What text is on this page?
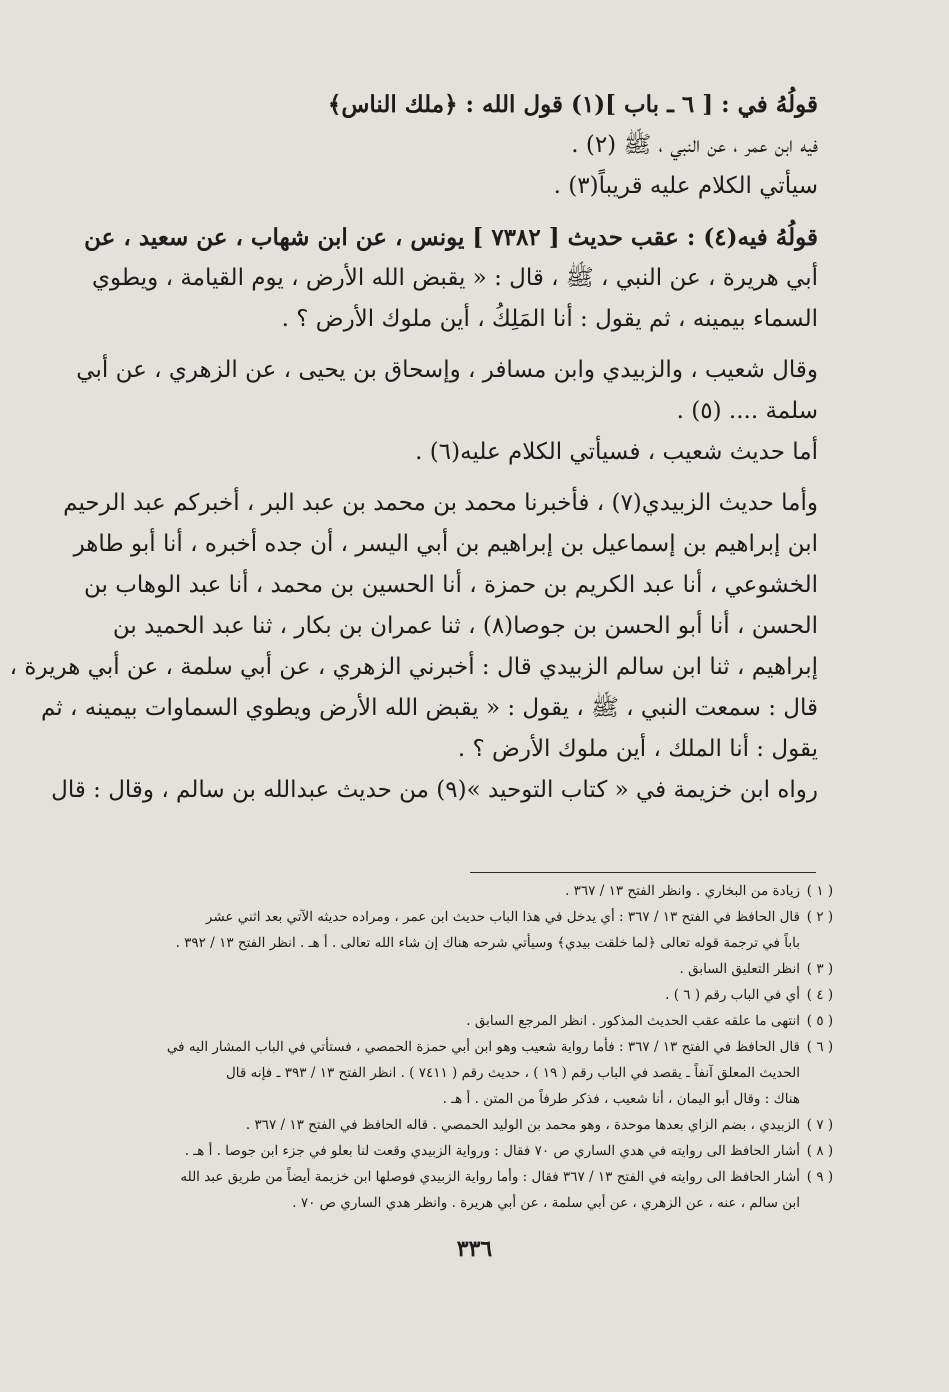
قولُهُ في : [ ٦ ـ باب ](١) قول الله : ﴿ملك الناس﴾
فيه ابن عمر ، عن النبي ، ﷺ (٢) .
سيأتي الكلام عليه قريباً(٣) .
قولُهُ فيه(٤) : عقب حديث [ ٧٣٨٢ ] يونس ، عن ابن شهاب ، عن سعيد ، عن
أبي هريرة ، عن النبي ، ﷺ ، قال : « يقبض الله الأرض ، يوم القيامة ، ويطوي
السماء بيمينه ، ثم يقول : أنا المَلِكُ ، أين ملوك الأرض ؟ .
وقال شعيب ، والزبيدي وابن مسافر ، وإسحاق بن يحيى ، عن الزهري ، عن أبي
سلمة .... (٥) .
أما حديث شعيب ، فسيأتي الكلام عليه(٦) .
وأما حديث الزبيدي(٧) ، فأخبرنا محمد بن محمد بن عبد البر ، أخبركم عبد الرحيم
ابن إبراهيم بن إسماعيل بن إبراهيم بن أبي اليسر ، أن جده أخبره ، أنا أبو طاهر
الخشوعي ، أنا عبد الكريم بن حمزة ، أنا الحسين بن محمد ، أنا عبد الوهاب بن
الحسن ، أنا أبو الحسن بن جوصا(٨) ، ثنا عمران بن بكار ، ثنا عبد الحميد بن
إبراهيم ، ثنا ابن سالم الزبيدي قال : أخبرني الزهري ، عن أبي سلمة ، عن أبي هريرة ،
قال : سمعت النبي ، ﷺ ، يقول : « يقبض الله الأرض ويطوي السماوات بيمينه ، ثم
يقول : أنا الملك ، أين ملوك الأرض ؟ .
رواه ابن خزيمة في « كتاب التوحيد »(٩) من حديث عبدالله بن سالم ، وقال : قال
( ١ )
زيادة من البخاري . وانظر الفتح ١٣ / ٣٦٧ .
( ٢ )
قال الحافظ في الفتح ١٣ / ٣٦٧ : أي يدخل في هذا الباب حديث ابن عمر ، ومراده حديثه الآتي بعد اثني عشر
باباً في ترجمة قوله تعالى ﴿لما خلقت بيدي﴾ وسيأتي شرحه هناك إن شاء الله تعالى . أ هـ . انظر الفتح ١٣ / ٣٩٢ .
( ٣ )
انظر التعليق السابق .
( ٤ )
أي في الباب رقم ( ٦ ) .
( ٥ )
انتهى ما علقه عقب الحديث المذكور . انظر المرجع السابق .
( ٦ )
قال الحافظ في الفتح ١٣ / ٣٦٧ : فأما رواية شعيب وهو ابن أبي حمزة الحمصي ، فستأتي في الباب المشار اليه في
الحديث المعلق آنفاً ـ يقصد في الباب رقم ( ١٩ ) ، حديث رقم ( ٧٤١١ ) . انظر الفتح ١٣ / ٣٩٣ ـ فإنه قال
هناك : وقال أبو اليمان ، أنا شعيب ، فذكر طرفاً من المتن . أ هـ .
( ٧ )
الزبيدي ، بضم الزاي بعدها موحدة ، وهو محمد بن الوليد الحمصي . قاله الحافظ في الفتح ١٣ / ٣٦٧ .
( ٨ )
أشار الحافظ الى روايته في هدي الساري ص ٧٠ فقال : ورواية الزبيدي وقعت لنا بعلو في جزء ابن جوصا . أ هـ .
( ٩ )
أشار الحافظ الى روايته في الفتح ١٣ / ٣٦٧ فقال : وأما رواية الزبيدي فوصلها ابن خزيمة أيضاً من طريق عبد الله
ابن سالم ، عنه ، عن الزهري ، عن أبي سلمة ، عن أبي هريرة . وانظر هدي الساري ص ٧٠ .
٣٣٦
